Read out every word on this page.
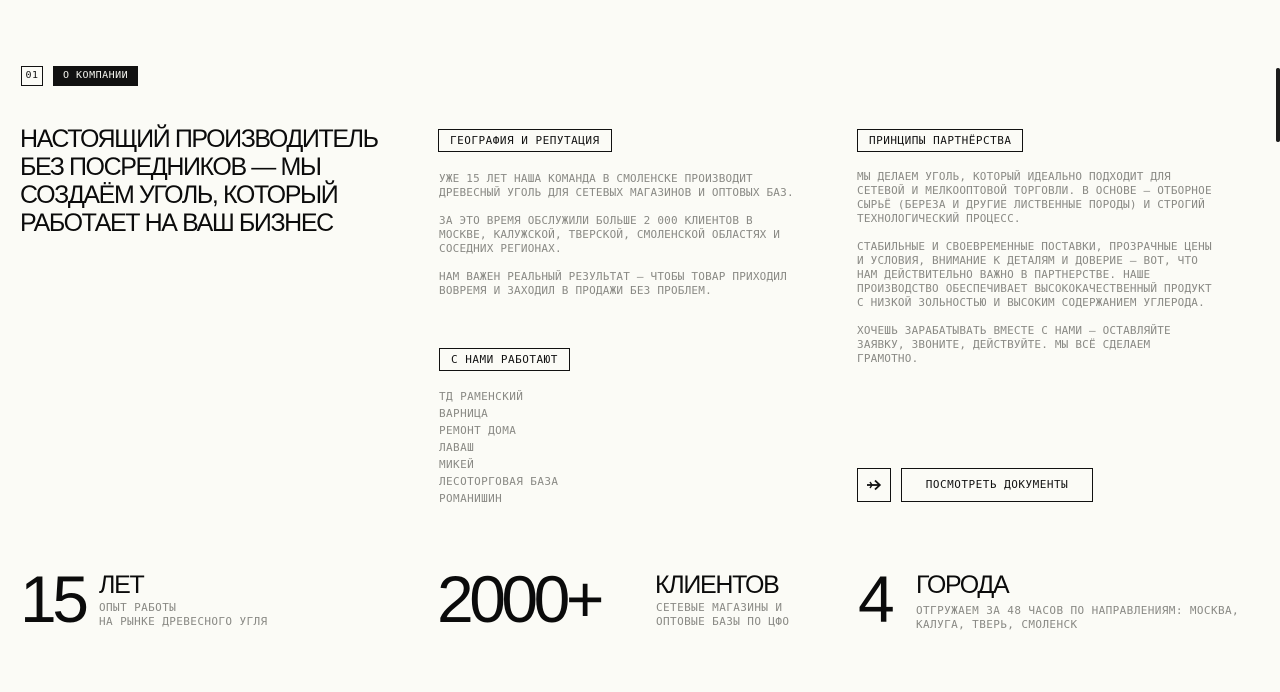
01	О КОМПАНИИ
НАСТОЯЩИЙ ПРОИЗВОДИТЕЛЬ БЕЗ ПОСРЕДНИКОВ — МЫ СОЗДАЁМ УГОЛЬ, КОТОРЫЙ РАБОТАЕТ НА ВАШ БИЗНЕС
ГЕОГРАФИЯ И РЕПУТАЦИЯ

УЖЕ 15 ЛЕТ НАША КОМАНДА В СМОЛЕНСКЕ ПРОИЗВОДИТ ДРЕВЕСНЫЙ УГОЛЬ ДЛЯ СЕТЕВЫХ МАГАЗИНОВ И ОПТОВЫХ БАЗ.

ЗА ЭТО ВРЕМЯ ОБСЛУЖИЛИ БОЛЬШЕ 2 000 КЛИЕНТОВ В МОСКВЕ, КАЛУЖСКОЙ, ТВЕРСКОЙ, СМОЛЕНСКОЙ ОБЛАСТЯХ И СОСЕДНИХ РЕГИОНАХ.

НАМ ВАЖЕН РЕАЛЬНЫЙ РЕЗУЛЬТАТ — ЧТОБЫ ТОВАР ПРИХОДИЛ ВОВРЕМЯ И ЗАХОДИЛ В ПРОДАЖИ БЕЗ ПРОБЛЕМ.

С НАМИ РАБОТАЮТ
ТД РАМЕНСКИЙ
ВАРНИЦА
РЕМОНТ ДОМА
ЛАВАШ
МИКЕЙ
ЛЕСОТОРГОВАЯ БАЗА
РОМАНИШИН
ПРИНЦИПЫ ПАРТНЁРСТВА

МЫ ДЕЛАЕМ УГОЛЬ, КОТОРЫЙ ИДЕАЛЬНО ПОДХОДИТ ДЛЯ СЕТЕВОЙ И МЕЛКООПТОВОЙ ТОРГОВЛИ. В ОСНОВЕ — ОТБОРНОЕ СЫРЬЁ (БЕРЕЗА И ДРУГИЕ ЛИСТВЕННЫЕ ПОРОДЫ) И СТРОГИЙ ТЕХНОЛОГИЧЕСКИЙ ПРОЦЕСС.

СТАБИЛЬНЫЕ И СВОЕВРЕМЕННЫЕ ПОСТАВКИ, ПРОЗРАЧНЫЕ ЦЕНЫ И УСЛОВИЯ, ВНИМАНИЕ К ДЕТАЛЯМ И ДОВЕРИЕ — ВОТ, ЧТО НАМ ДЕЙСТВИТЕЛЬНО ВАЖНО В ПАРТНЕРСТВЕ. НАШЕ ПРОИЗВОДСТВО ОБЕСПЕЧИВАЕТ ВЫСОКОКАЧЕСТВЕННЫЙ ПРОДУКТ С НИЗКОЙ ЗОЛЬНОСТЬЮ И ВЫСОКИМ СОДЕРЖАНИЕМ УГЛЕРОДА.

ХОЧЕШЬ ЗАРАБАТЫВАТЬ ВМЕСТЕ С НАМИ — ОСТАВЛЯЙТЕ ЗАЯВКУ, ЗВОНИТЕ, ДЕЙСТВУЙТЕ. МЫ ВСЁ СДЕЛАЕМ ГРАМОТНО.

ПОСМОТРЕТЬ ДОКУМЕНТЫ
15 ЛЕТ
ОПЫТ РАБОТЫ
НА РЫНКЕ ДРЕВЕСНОГО УГЛЯ	2000+ КЛИЕНТОВ
СЕТЕВЫЕ МАГАЗИНЫ И
ОПТОВЫЕ БАЗЫ ПО ЦФО 4 ГОРОДА
ОТГРУЖАЕМ ЗА 48 ЧАСОВ ПО НАПРАВЛЕНИЯМ: МОСКВА,
КАЛУГА, ТВЕРЬ, СМОЛЕНСК
